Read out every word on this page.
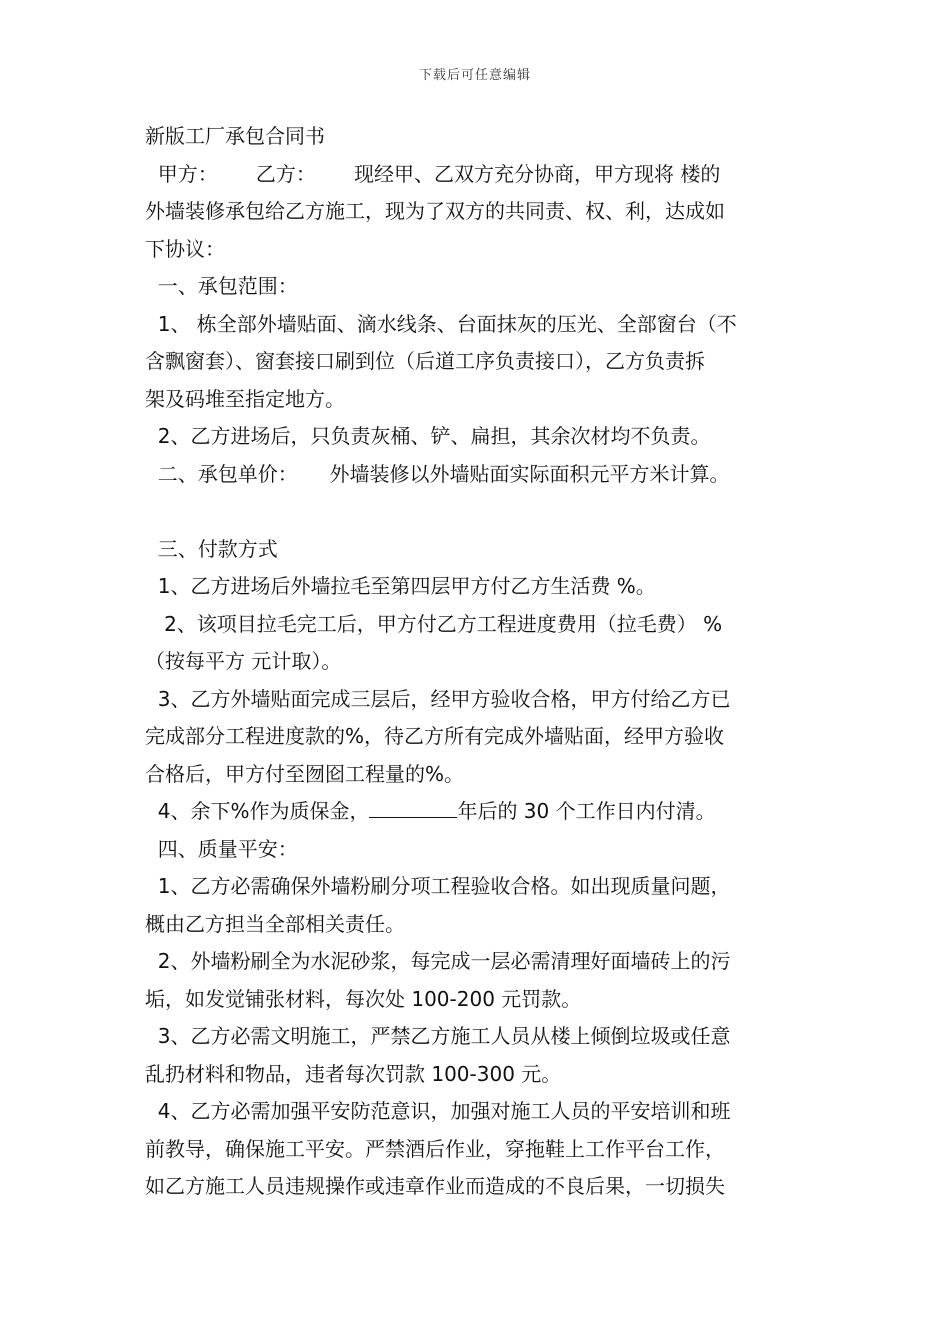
下载后可任意编辑
新版工厂承包合同书
甲方：      乙方：      现经甲、乙双方充分协商，甲方现将 楼的
外墙装修承包给乙方施工，现为了双方的共同责、权、利，达成如
下协议：
一、承包范围：
1、 栋全部外墙贴面、滴水线条、台面抹灰的压光、全部窗台（不
含飘窗套）、窗套接口刷到位（后道工序负责接口），乙方负责拆
架及码堆至指定地方。
2、乙方进场后，只负责灰桶、铲、扁担，其余次材均不负责。
二、承包单价：     外墙装修以外墙贴面实际面积元平方米计算。
三、付款方式
1、乙方进场后外墙拉毛至第四层甲方付乙方生活费 %。
2、该项目拉毛完工后，甲方付乙方工程进度费用（拉毛费） %
（按每平方 元计取）。
3、乙方外墙贴面完成三层后，经甲方验收合格，甲方付给乙方已
完成部分工程进度款的%，待乙方所有完成外墙贴面，经甲方验收
合格后，甲方付至囫囵工程量的%。
4、余下%作为质保金，	年后的 30 个工作日内付清。
四、质量平安：
1、乙方必需确保外墙粉刷分项工程验收合格。如出现质量问题，
概由乙方担当全部相关责任。
2、外墙粉刷全为水泥砂浆，每完成一层必需清理好面墙砖上的污
垢，如发觉铺张材料，每次处 100-200 元罚款。
3、乙方必需文明施工，严禁乙方施工人员从楼上倾倒垃圾或任意
乱扔材料和物品，违者每次罚款 100-300 元。
4、乙方必需加强平安防范意识，加强对施工人员的平安培训和班
前教导，确保施工平安。严禁酒后作业，穿拖鞋上工作平台工作，
如乙方施工人员违规操作或违章作业而造成的不良后果，一切损失
